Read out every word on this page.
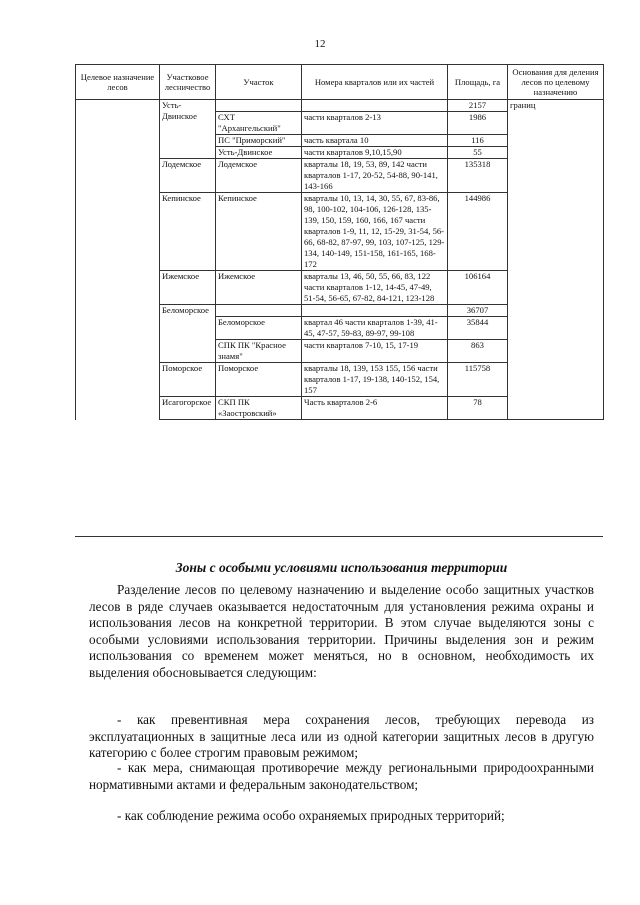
12
Целевое назначение лесов	Участковое лесничество	Участок	Номера кварталов или их частей	Площадь, га	Основания для деления лесов по целевому назначению
	Усть-Двинское			2157	границ
		СХТ "Архангельский"	части кварталов 2-13	1986	
		ПС "Приморский"	часть квартала 10	116	
		Усть-Двинское	части кварталов 9,10,15,90	55	
	Лодемское	Лодемское	кварталы 18, 19, 53, 89, 142 части кварталов 1-17, 20-52, 54-88, 90-141, 143-166	135318	
	Кепинское	Кепинское	кварталы 10, 13, 14, 30, 55, 67, 83-86, 98, 100-102, 104-106, 126-128, 135-139, 150, 159, 160, 166, 167 части кварталов 1-9, 11, 12, 15-29, 31-54, 56-66, 68-82, 87-97, 99, 103, 107-125, 129-134, 140-149, 151-158, 161-165, 168-172	144986	
	Ижемское	Ижемское	кварталы 13, 46, 50, 55, 66, 83, 122 части кварталов 1-12, 14-45, 47-49, 51-54, 56-65, 67-82, 84-121, 123-128	106164	
	Беломорское			36707	
		Беломорское	квартал 46 части кварталов 1-39, 41-45, 47-57, 59-83, 89-97, 99-108	35844	
		СПК ПК "Красное знамя"	части кварталов 7-10, 15, 17-19	863	
	Поморское	Поморское	кварталы 18, 139, 153 155, 156 части кварталов 1-17, 19-138, 140-152, 154, 157	115758	
	Исагогорское	СКП ПК «Заостровский»	Часть кварталов 2-6	78	
Зоны с особыми условиями использования территории
Разделение лесов по целевому назначению и выделение особо защитных участков лесов в ряде случаев оказывается недостаточным для установления режима охраны и использования лесов на конкретной территории. В этом случае выделяются зоны с особыми условиями использования территории. Причины выделения зон и режим использования со временем может меняться, но в основном, необходимость их выделения обосновывается следующим:
- как превентивная мера сохранения лесов, требующих перевода из эксплуатационных в защитные леса или из одной категории защитных лесов в другую категорию с более строгим правовым режимом;
- как мера, снимающая противоречие между региональными природоохранными нормативными актами и федеральным законодательством;
- как соблюдение режима особо охраняемых природных территорий;
